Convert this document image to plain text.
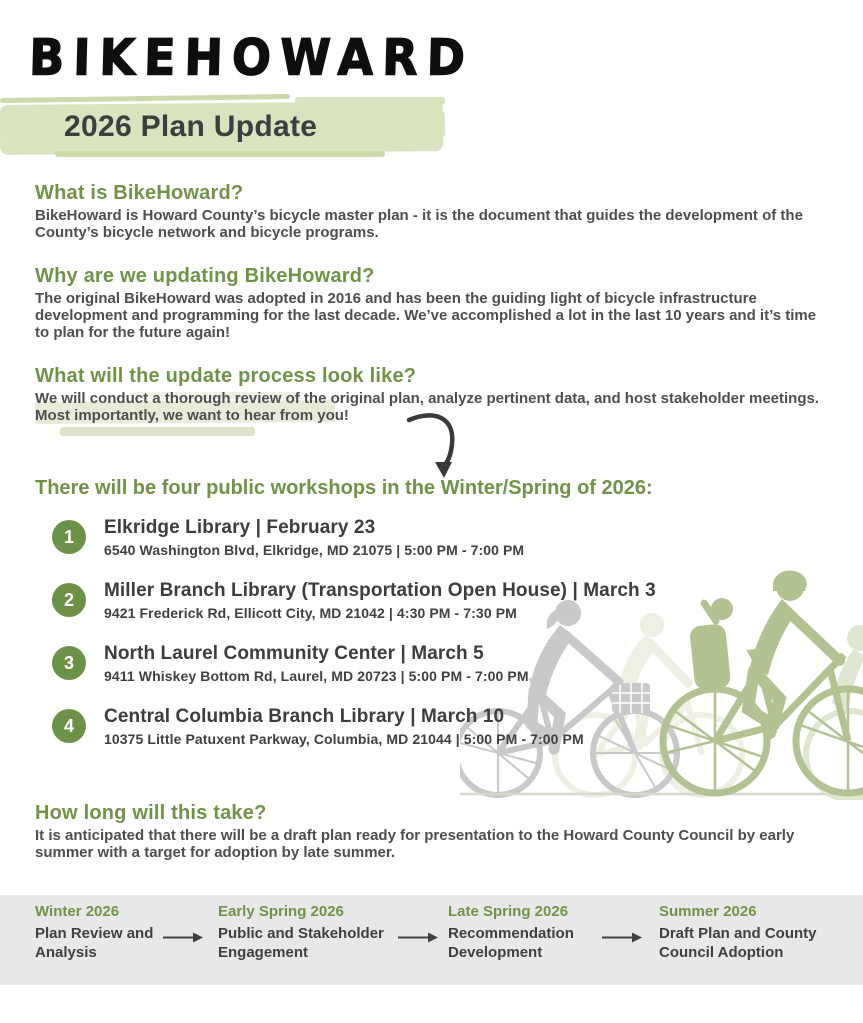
BIKEHOWARD
2026 Plan Update
What is BikeHoward?
BikeHoward is Howard County’s bicycle master plan - it is the document that guides the development of the County’s bicycle network and bicycle programs.
Why are we updating BikeHoward?
The original BikeHoward was adopted in 2016 and has been the guiding light of bicycle infrastructure development and programming for the last decade. We’ve accomplished a lot in the last 10 years and it’s time to plan for the future again!
What will the update process look like?
We will conduct a thorough review of the original plan, analyze pertinent data, and host stakeholder meetings. Most importantly, we want to hear from you!
There will be four public workshops in the Winter/Spring of 2026:
1	Elkridge Library | February 23
6540 Washington Blvd, Elkridge, MD 21075 | 5:00 PM - 7:00 PM
2	Miller Branch Library (Transportation Open House) | March 3
9421 Frederick Rd, Ellicott City, MD 21042 | 4:30 PM - 7:30 PM
3	North Laurel Community Center | March 5
9411 Whiskey Bottom Rd, Laurel, MD 20723 | 5:00 PM - 7:00 PM
4	Central Columbia Branch Library | March 10
10375 Little Patuxent Parkway, Columbia, MD 21044 | 5:00 PM - 7:00 PM
How long will this take?
It is anticipated that there will be a draft plan ready for presentation to the Howard County Council by early summer with a target for adoption by late summer.
Winter 2026
Plan Review and Analysis
Early Spring 2026
Public and Stakeholder Engagement
Late Spring 2026
Recommendation Development
Summer 2026
Draft Plan and County Council Adoption
